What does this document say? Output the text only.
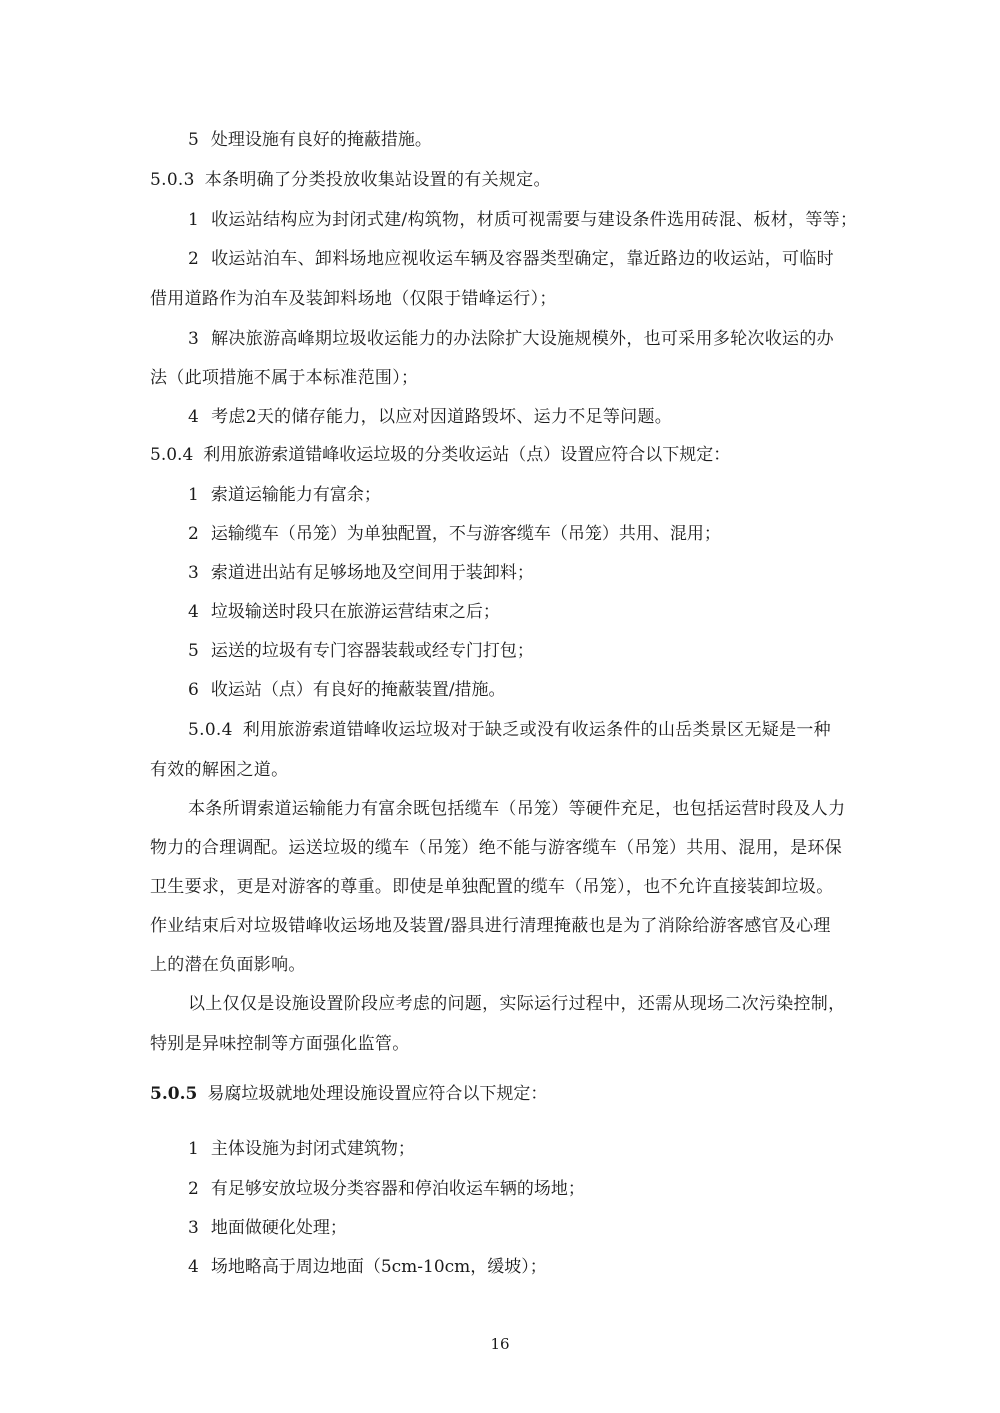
5 处理设施有良好的掩蔽措施。
5.0.3 本条明确了分类投放收集站设置的有关规定。
1 收运站结构应为封闭式建/构筑物，材质可视需要与建设条件选用砖混、板材，等等；
2 收运站泊车、卸料场地应视收运车辆及容器类型确定，靠近路边的收运站，可临时
借用道路作为泊车及装卸料场地（仅限于错峰运行）；
3 解决旅游高峰期垃圾收运能力的办法除扩大设施规模外，也可采用多轮次收运的办
法（此项措施不属于本标准范围）；
4 考虑2天的储存能力，以应对因道路毁坏、运力不足等问题。
5.0.4 利用旅游索道错峰收运垃圾的分类收运站（点）设置应符合以下规定：
1 索道运输能力有富余；
2 运输缆车（吊笼）为单独配置，不与游客缆车（吊笼）共用、混用；
3 索道进出站有足够场地及空间用于装卸料；
4 垃圾输送时段只在旅游运营结束之后；
5 运送的垃圾有专门容器装载或经专门打包；
6 收运站（点）有良好的掩蔽装置/措施。
5.0.4 利用旅游索道错峰收运垃圾对于缺乏或没有收运条件的山岳类景区无疑是一种
有效的解困之道。
本条所谓索道运输能力有富余既包括缆车（吊笼）等硬件充足，也包括运营时段及人力
物力的合理调配。运送垃圾的缆车（吊笼）绝不能与游客缆车（吊笼）共用、混用，是环保
卫生要求，更是对游客的尊重。即使是单独配置的缆车（吊笼），也不允许直接装卸垃圾。
作业结束后对垃圾错峰收运场地及装置/器具进行清理掩蔽也是为了消除给游客感官及心理
上的潜在负面影响。
以上仅仅是设施设置阶段应考虑的问题，实际运行过程中，还需从现场二次污染控制，
特别是异味控制等方面强化监管。
5.0.5 易腐垃圾就地处理设施设置应符合以下规定：
1 主体设施为封闭式建筑物；
2 有足够安放垃圾分类容器和停泊收运车辆的场地；
3 地面做硬化处理；
4 场地略高于周边地面（5cm-10cm，缓坡）；
16
